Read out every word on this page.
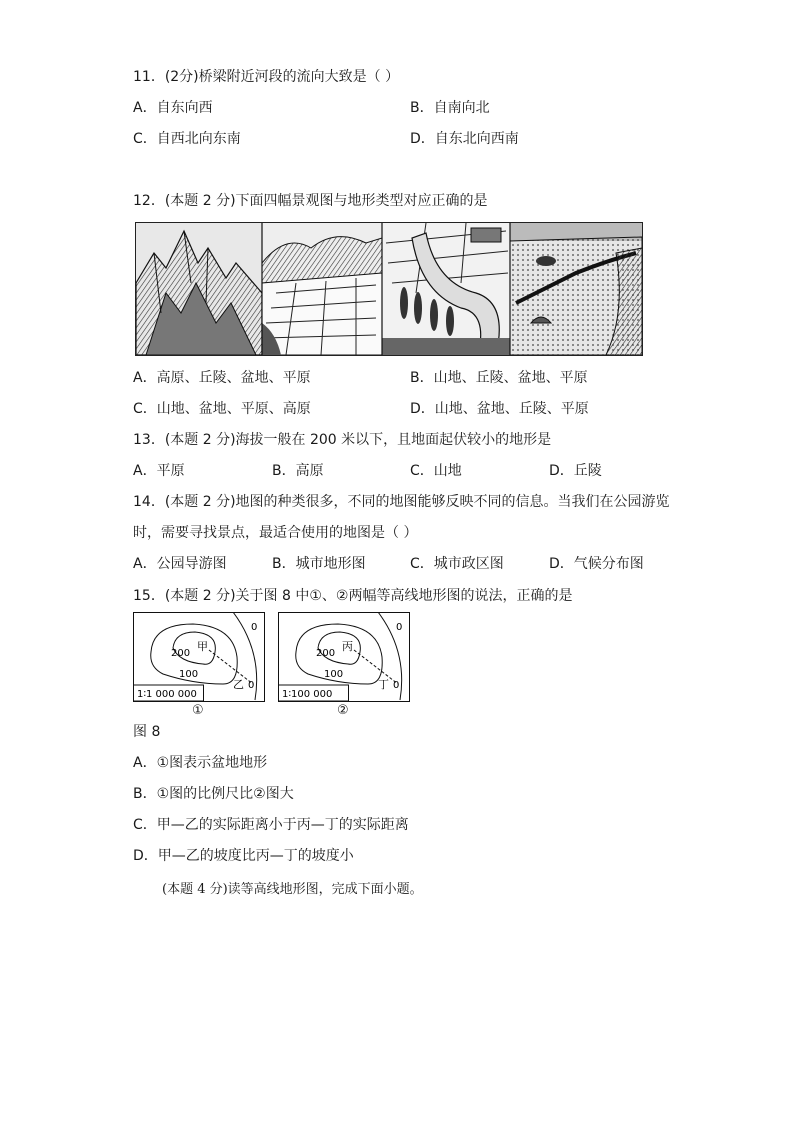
11．(2分)桥梁附近河段的流向大致是（ ）
A．自东向西	B．自南向北
C．自西北向东南	D．自东北向西南
12．(本题 2 分)下面四幅景观图与地形类型对应正确的是
A．高原、丘陵、盆地、平原	B．山地、丘陵、盆地、平原
C．山地、盆地、平原、高原	D．山地、盆地、丘陵、平原
13．(本题 2 分)海拔一般在 200 米以下，且地面起伏较小的地形是
A．平原	B．高原	C．山地	D．丘陵
14．(本题 2 分)地图的种类很多，不同的地图能够反映不同的信息。当我们在公园游览
时，需要寻找景点，最适合使用的地图是（ ）
A．公园导游图	B．城市地形图	C．城市政区图	D．气候分布图
15．(本题 2 分)关于图 8 中①、②两幅等高线地形图的说法，正确的是
甲
200
100
0
乙 0
1∶1 000 000
①
丙
200
100
0
丁 0
1∶100 000
②
图 8
A．①图表示盆地地形
B．①图的比例尺比②图大
C．甲—乙的实际距离小于丙—丁的实际距离
D．甲—乙的坡度比丙—丁的坡度小
(本题 4 分)读等高线地形图，完成下面小题。
